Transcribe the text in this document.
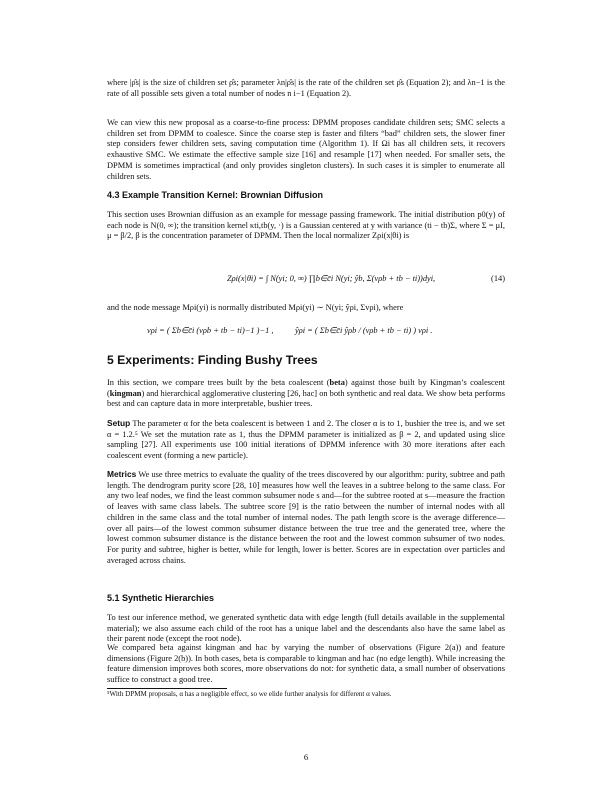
where |ρ̂s| is the size of children set ρ̂s; parameter λn|ρ̂s| is the rate of the children set ρ̂s (Equation 2); and λn−1 is the rate of all possible sets given a total number of nodes n i−1 (Equation 2).

We can view this new proposal as a coarse-to-fine process: DPMM proposes candidate children sets; SMC selects a children set from DPMM to coalesce. Since the coarse step is faster and filters “bad” children sets, the slower finer step considers fewer children sets, saving computation time (Algorithm 1). If Ωi has all children sets, it recovers exhaustive SMC. We estimate the effective sample size [16] and resample [17] when needed. For smaller sets, the DPMM is sometimes impractical (and only provides singleton clusters). In such cases it is simpler to enumerate all children sets.

4.3 Example Transition Kernel: Brownian Diffusion

This section uses Brownian diffusion as an example for message passing framework. The initial distribution p0(y) of each node is N(0, ∞); the transition kernel κti,tb(y, ·) is a Gaussian centered at y with variance (ti − tb)Σ, where Σ = μI, μ = β/2, β is the concentration parameter of DPMM. Then the local normalizer Zρi(x|θi) is

Zρi(x|θi) = ∫ N(yi; 0, ∞) ∏b∈c̄i N(yi; ŷb, Σ(vρb + tb − ti))dyi,	(14)

and the node message Mρi(yi) is normally distributed Mρi(yi) ∼ N(yi; ŷρi, Σvρi), where

vρi = ( Σb∈c̄i (vρb + tb − ti)−1 )−1 ,	ŷρi = ( Σb∈c̄i ŷρb / (vρb + tb − ti) ) vρi .
5 Experiments: Finding Bushy Trees

In this section, we compare trees built by the beta coalescent (beta) against those built by Kingman’s coalescent (kingman) and hierarchical agglomerative clustering [26, hac] on both synthetic and real data. We show beta performs best and can capture data in more interpretable, bushier trees.

Setup The parameter α for the beta coalescent is between 1 and 2. The closer α is to 1, bushier the tree is, and we set α = 1.2.⁵ We set the mutation rate as 1, thus the DPMM parameter is initialized as β = 2, and updated using slice sampling [27]. All experiments use 100 initial iterations of DPMM inference with 30 more iterations after each coalescent event (forming a new particle).

Metrics We use three metrics to evaluate the quality of the trees discovered by our algorithm: purity, subtree and path length. The dendrogram purity score [28, 10] measures how well the leaves in a subtree belong to the same class. For any two leaf nodes, we find the least common subsumer node s and—for the subtree rooted at s—measure the fraction of leaves with same class labels. The subtree score [9] is the ratio between the number of internal nodes with all children in the same class and the total number of internal nodes. The path length score is the average difference—over all pairs—of the lowest common subsumer distance between the true tree and the generated tree, where the lowest common subsumer distance is the distance between the root and the lowest common subsumer of two nodes. For purity and subtree, higher is better, while for length, lower is better. Scores are in expectation over particles and averaged across chains.

5.1 Synthetic Hierarchies

To test our inference method, we generated synthetic data with edge length (full details available in the supplemental material); we also assume each child of the root has a unique label and the descendants also have the same label as their parent node (except the root node).

We compared beta against kingman and hac by varying the number of observations (Figure 2(a)) and feature dimensions (Figure 2(b)). In both cases, beta is comparable to kingman and hac (no edge length). While increasing the feature dimension improves both scores, more observations do not: for synthetic data, a small number of observations suffice to construct a good tree.

⁵With DPMM proposals, α has a negligible effect, so we elide further analysis for different α values.
6
